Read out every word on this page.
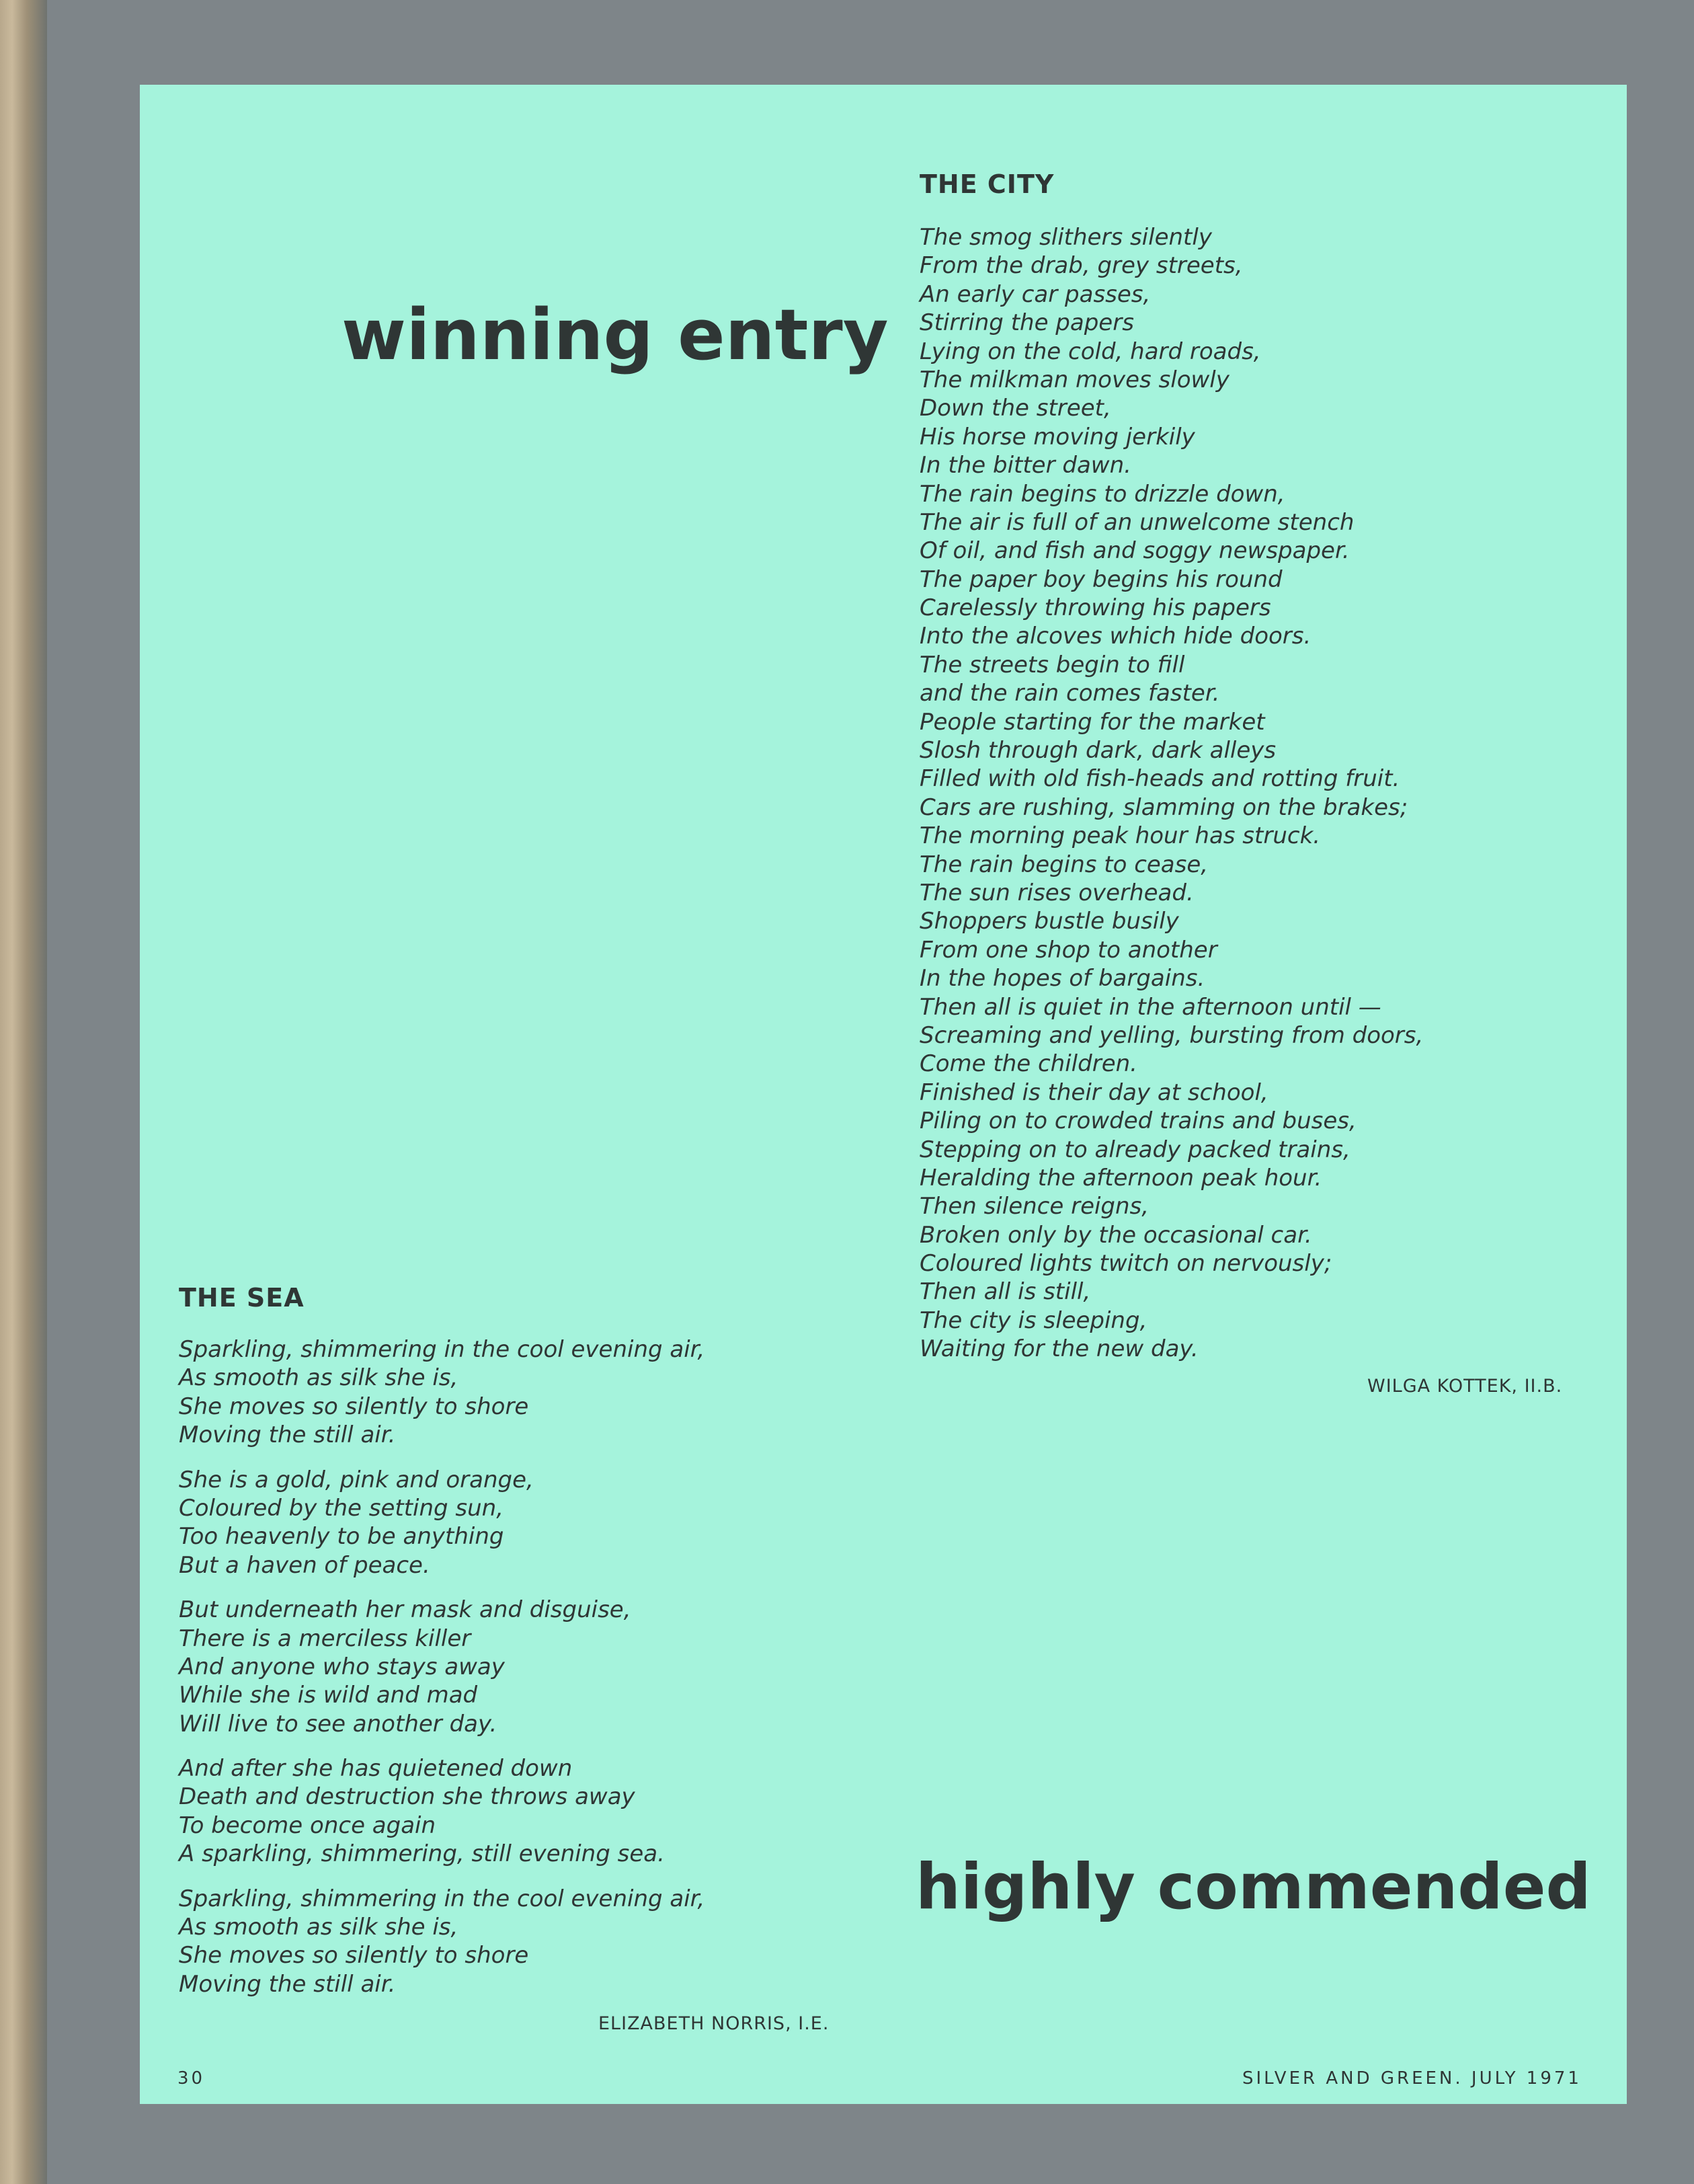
winning entry
THE CITY
The smog slithers silently
From the drab, grey streets,
An early car passes,
Stirring the papers
Lying on the cold, hard roads,
The milkman moves slowly
Down the street,
His horse moving jerkily
In the bitter dawn.
The rain begins to drizzle down,
The air is full of an unwelcome stench
Of oil, and fish and soggy newspaper.
The paper boy begins his round
Carelessly throwing his papers
Into the alcoves which hide doors.
The streets begin to fill
and the rain comes faster.
People starting for the market
Slosh through dark, dark alleys
Filled with old fish-heads and rotting fruit.
Cars are rushing, slamming on the brakes;
The morning peak hour has struck.
The rain begins to cease,
The sun rises overhead.
Shoppers bustle busily
From one shop to another
In the hopes of bargains.
Then all is quiet in the afternoon until —
Screaming and yelling, bursting from doors,
Come the children.
Finished is their day at school,
Piling on to crowded trains and buses,
Stepping on to already packed trains,
Heralding the afternoon peak hour.
Then silence reigns,
Broken only by the occasional car.
Coloured lights twitch on nervously;
Then all is still,
The city is sleeping,
Waiting for the new day.
WILGA KOTTEK, II.B.
THE SEA
Sparkling, shimmering in the cool evening air,
As smooth as silk she is,
She moves so silently to shore
Moving the still air.
She is a gold, pink and orange,
Coloured by the setting sun,
Too heavenly to be anything
But a haven of peace.
But underneath her mask and disguise,
There is a merciless killer
And anyone who stays away
While she is wild and mad
Will live to see another day.
And after she has quietened down
Death and destruction she throws away
To become once again
A sparkling, shimmering, still evening sea.
Sparkling, shimmering in the cool evening air,
As smooth as silk she is,
She moves so silently to shore
Moving the still air.
ELIZABETH NORRIS, I.E.
highly commended
30	SILVER AND GREEN. JULY 1971
